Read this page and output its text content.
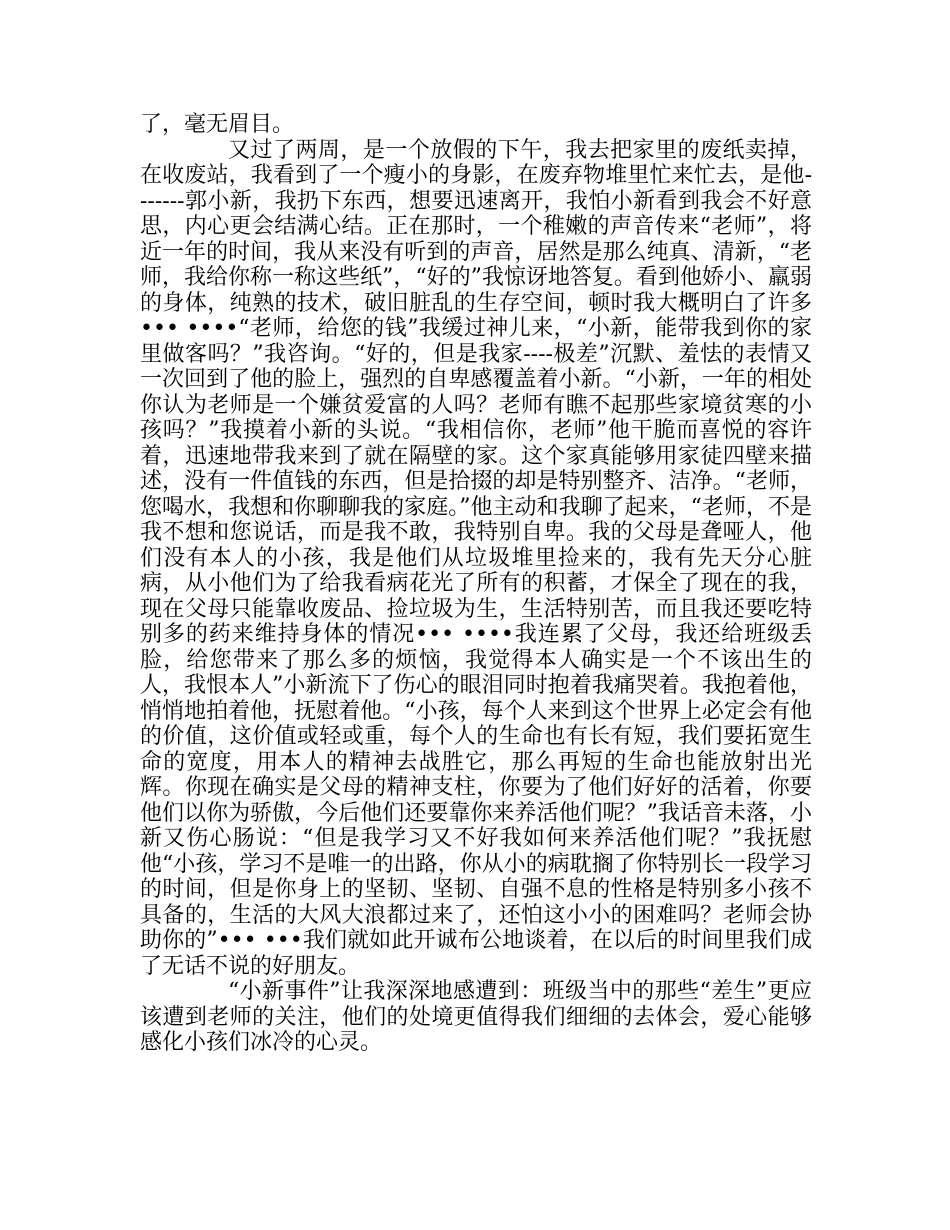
了，毫无眉目。

又过了两周，是一个放假的下午，我去把家里的废纸卖掉，在收废站，我看到了一个瘦小的身影，在废弃物堆里忙来忙去，是他-------郭小新，我扔下东西，想要迅速离开，我怕小新看到我会不好意思，内心更会结满心结。正在那时，一个稚嫩的声音传来“老师”，将近一年的时间，我从来没有听到的声音，居然是那么纯真、清新，“老师，我给你称一称这些纸”，“好的”我惊讶地答复。看到他娇小、羸弱的身体，纯熟的技术，破旧脏乱的生存空间，顿时我大概明白了许多••• ••••“老师，给您的钱”我缓过神儿来，“小新，能带我到你的家里做客吗？”我咨询。“好的，但是我家----极差”沉默、羞怯的表情又一次回到了他的脸上，强烈的自卑感覆盖着小新。“小新，一年的相处你认为老师是一个嫌贫爱富的人吗？老师有瞧不起那些家境贫寒的小孩吗？”我摸着小新的头说。“我相信你，老师”他干脆而喜悦的容许着，迅速地带我来到了就在隔壁的家。这个家真能够用家徒四壁来描述，没有一件值钱的东西，但是拾掇的却是特别整齐、洁净。“老师，您喝水，我想和你聊聊我的家庭。”他主动和我聊了起来，“老师，不是我不想和您说话，而是我不敢，我特别自卑。我的父母是聋哑人，他们没有本人的小孩，我是他们从垃圾堆里捡来的，我有先天分心脏病，从小他们为了给我看病花光了所有的积蓄，才保全了现在的我，现在父母只能靠收废品、捡垃圾为生，生活特别苦，而且我还要吃特别多的药来维持身体的情况••• ••••我连累了父母，我还给班级丢脸，给您带来了那么多的烦恼，我觉得本人确实是一个不该出生的人，我恨本人”小新流下了伤心的眼泪同时抱着我痛哭着。我抱着他，悄悄地拍着他，抚慰着他。“小孩，每个人来到这个世界上必定会有他的价值，这价值或轻或重，每个人的生命也有长有短，我们要拓宽生命的宽度，用本人的精神去战胜它，那么再短的生命也能放射出光辉。你现在确实是父母的精神支柱，你要为了他们好好的活着，你要他们以你为骄傲，今后他们还要靠你来养活他们呢？”我话音未落，小新又伤心肠说：“但是我学习又不好我如何来养活他们呢？”我抚慰他“小孩，学习不是唯一的出路，你从小的病耽搁了你特别长一段学习的时间，但是你身上的坚韧、坚韧、自强不息的性格是特别多小孩不具备的，生活的大风大浪都过来了，还怕这小小的困难吗？老师会协助你的”••• •••我们就如此开诚布公地谈着，在以后的时间里我们成了无话不说的好朋友。

“小新事件”让我深深地感遭到：班级当中的那些“差生”更应该遭到老师的关注，他们的处境更值得我们细细的去体会，爱心能够感化小孩们冰冷的心灵。
